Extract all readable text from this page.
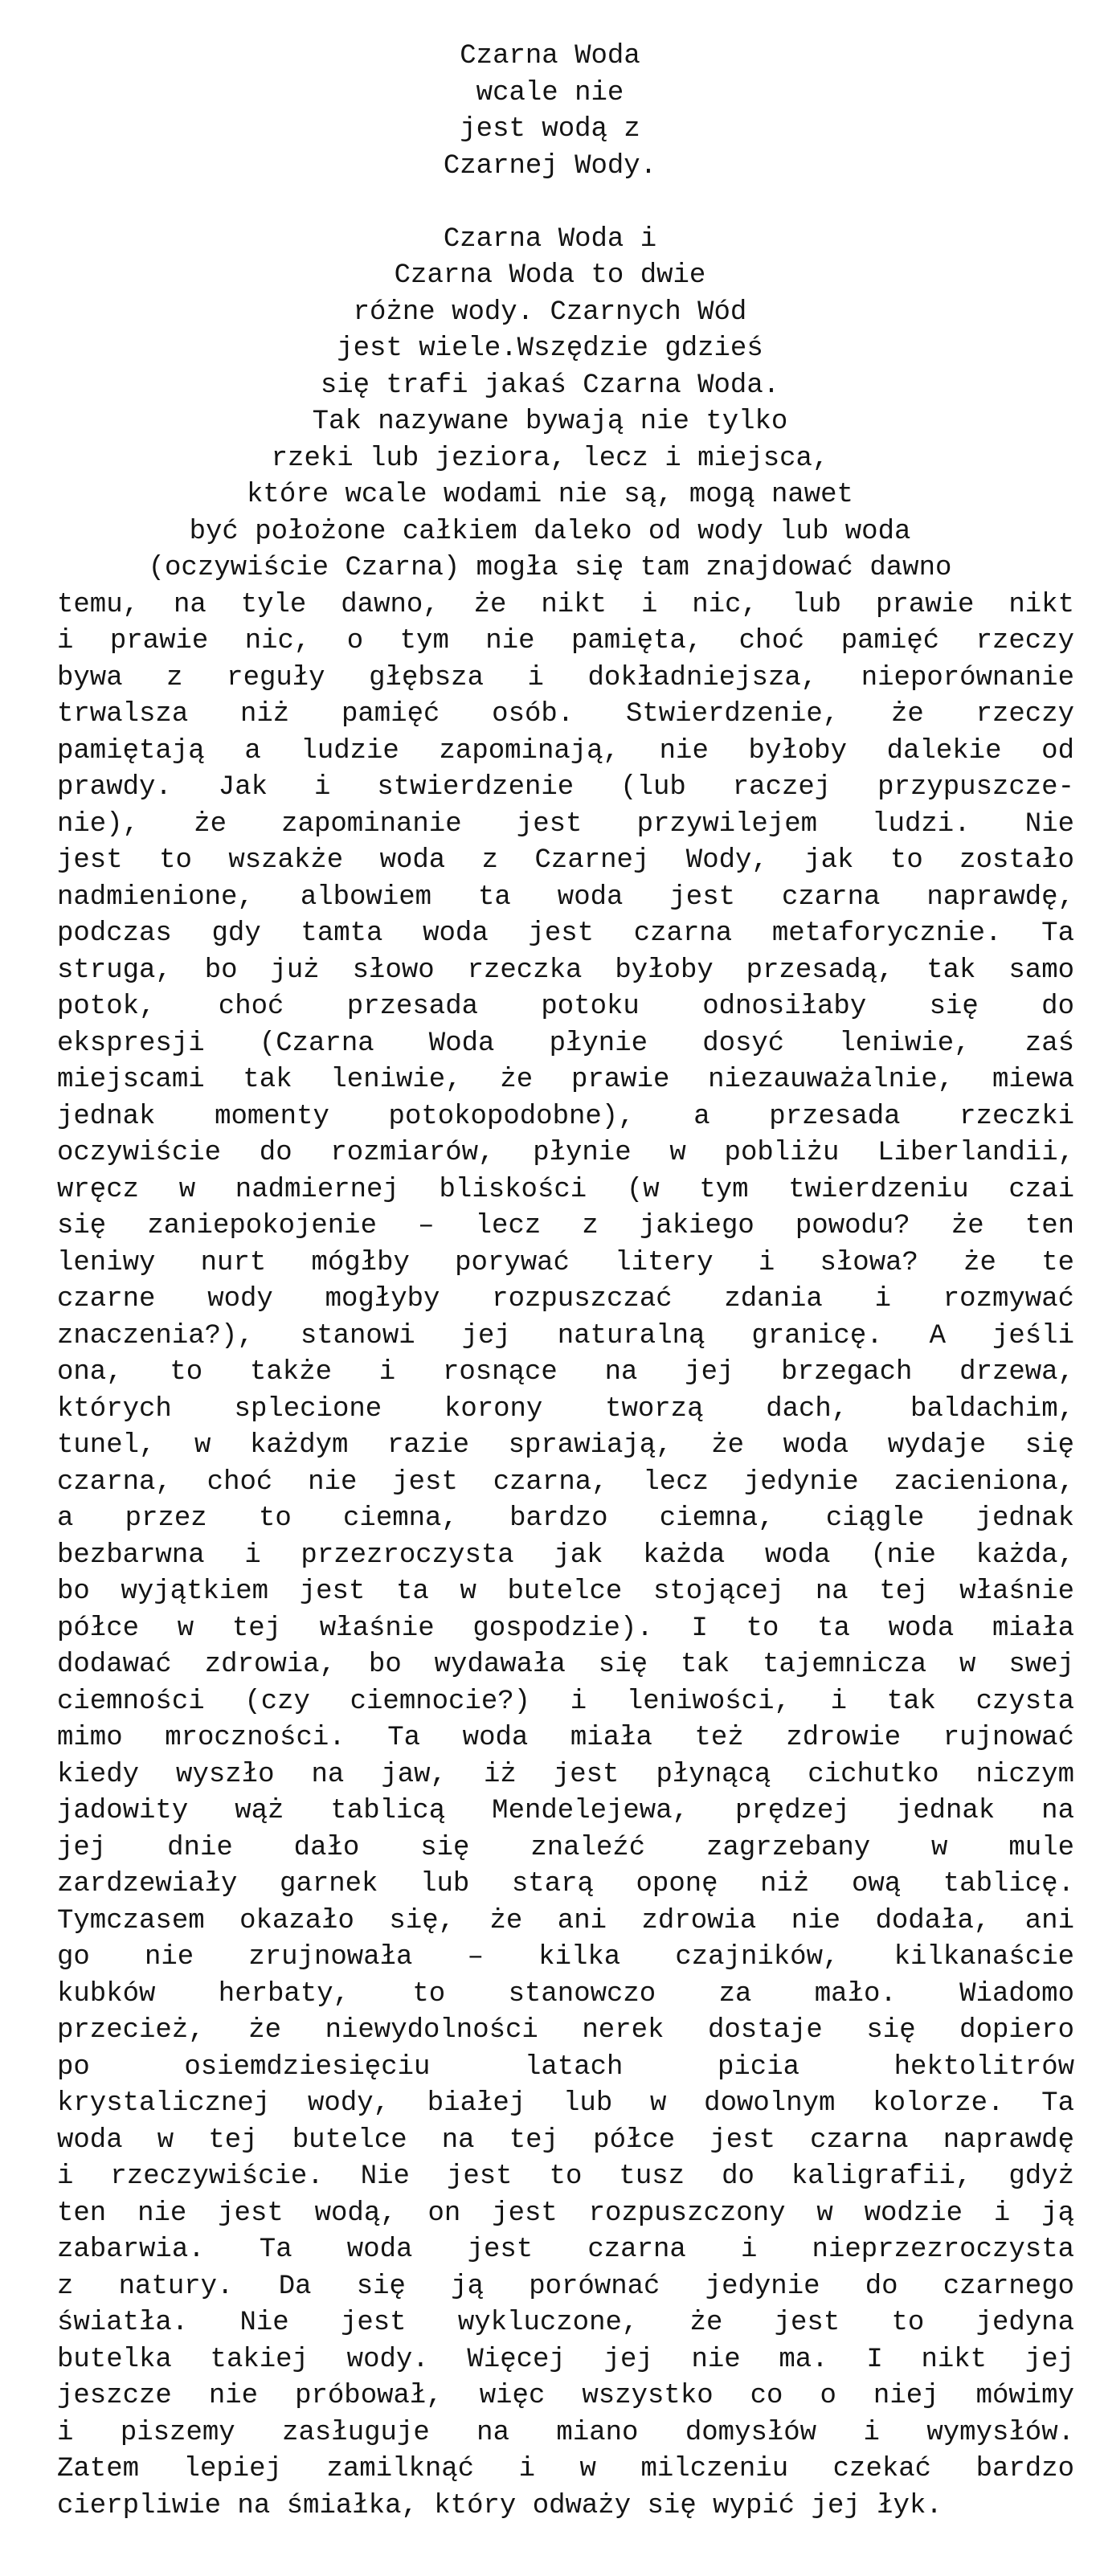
Czarna Woda
wcale nie
jest wodą z
Czarnej Wody.
Czarna Woda i
Czarna Woda to dwie
różne wody. Czarnych Wód
jest wiele.Wszędzie gdzieś
się trafi jakaś Czarna Woda.
Tak nazywane bywają nie tylko
rzeki lub jeziora, lecz i miejsca,
które wcale wodami nie są, mogą nawet
być położone całkiem daleko od wody lub woda
(oczywiście Czarna) mogła się tam znajdować dawno
temu, na tyle dawno, że nikt i nic, lub prawie nikt
i prawie nic, o tym nie pamięta, choć pamięć rzeczy
bywa z reguły głębsza i dokładniejsza, nieporównanie
trwalsza niż pamięć osób. Stwierdzenie, że rzeczy
pamiętają a ludzie zapominają, nie byłoby dalekie od
prawdy. Jak i stwierdzenie (lub raczej przypuszcze-
nie), że zapominanie jest przywilejem ludzi. Nie
jest to wszakże woda z Czarnej Wody, jak to zostało
nadmienione, albowiem ta woda jest czarna naprawdę,
podczas gdy tamta woda jest czarna metaforycznie. Ta
struga, bo już słowo rzeczka byłoby przesadą, tak samo
potok, choć przesada potoku odnosiłaby się do
ekspresji (Czarna Woda płynie dosyć leniwie, zaś
miejscami tak leniwie, że prawie niezauważalnie, miewa
jednak momenty potokopodobne), a przesada rzeczki
oczywiście do rozmiarów, płynie w pobliżu Liberlandii,
wręcz w nadmiernej bliskości (w tym twierdzeniu czai
się zaniepokojenie – lecz z jakiego powodu? że ten
leniwy nurt mógłby porywać litery i słowa? że te
czarne wody mogłyby rozpuszczać zdania i rozmywać
znaczenia?), stanowi jej naturalną granicę. A jeśli
ona, to także i rosnące na jej brzegach drzewa,
których splecione korony tworzą dach, baldachim,
tunel, w każdym razie sprawiają, że woda wydaje się
czarna, choć nie jest czarna, lecz jedynie zacieniona,
a przez to ciemna, bardzo ciemna, ciągle jednak
bezbarwna i przezroczysta jak każda woda (nie każda,
bo wyjątkiem jest ta w butelce stojącej na tej właśnie
półce w tej właśnie gospodzie). I to ta woda miała
dodawać zdrowia, bo wydawała się tak tajemnicza w swej
ciemności (czy ciemnocie?) i leniwości, i tak czysta
mimo mroczności. Ta woda miała też zdrowie rujnować
kiedy wyszło na jaw, iż jest płynącą cichutko niczym
jadowity wąż tablicą Mendelejewa, prędzej jednak na
jej dnie dało się znaleźć zagrzebany w mule
zardzewiały garnek lub starą oponę niż ową tablicę.
Tymczasem okazało się, że ani zdrowia nie dodała, ani
go nie zrujnowała – kilka czajników, kilkanaście
kubków herbaty, to stanowczo za mało. Wiadomo
przecież, że niewydolności nerek dostaje się dopiero
po osiemdziesięciu latach picia hektolitrów
krystalicznej wody, białej lub w dowolnym kolorze. Ta
woda w tej butelce na tej półce jest czarna naprawdę
i rzeczywiście. Nie jest to tusz do kaligrafii, gdyż
ten nie jest wodą, on jest rozpuszczony w wodzie i ją
zabarwia. Ta woda jest czarna i nieprzezroczysta
z natury. Da się ją porównać jedynie do czarnego
światła. Nie jest wykluczone, że jest to jedyna
butelka takiej wody. Więcej jej nie ma. I nikt jej
jeszcze nie próbował, więc wszystko co o niej mówimy
i piszemy zasługuje na miano domysłów i wymysłów.
Zatem lepiej zamilknąć i w milczeniu czekać bardzo
cierpliwie na śmiałka, który odważy się wypić jej łyk.
